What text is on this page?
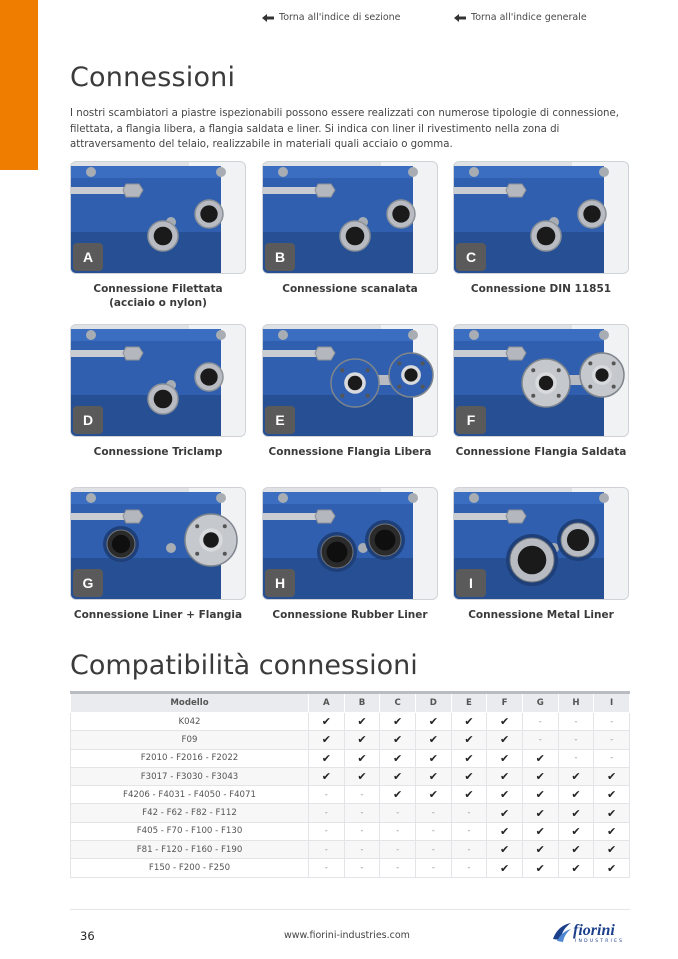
Torna all'indice di sezione	Torna all'indice generale
Connessioni

I nostri scambiatori a piastre ispezionabili possono essere realizzati con numerose tipologie di connessione, filettata, a flangia libera, a flangia saldata e liner. Si indica con liner il rivestimento nella zona di attraversamento del telaio, realizzabile in materiali quali acciaio o gomma.

A
Connessione Filettata
(acciaio o nylon)
B
Connessione scanalata
C
Connessione DIN 11851
D
Connessione Triclamp
E
Connessione Flangia Libera
F
Connessione Flangia Saldata
G
Connessione Liner + Flangia
H
Connessione Rubber Liner
I
Connessione Metal Liner
Compatibilità connessioni
Modello	A	B	C	D	E	F	G	H	I
K042	✔	✔	✔	✔	✔	✔	-	-	-
F09	✔	✔	✔	✔	✔	✔	-	-	-
F2010 - F2016 - F2022	✔	✔	✔	✔	✔	✔	✔	-	-
F3017 - F3030 - F3043	✔	✔	✔	✔	✔	✔	✔	✔	✔
F4206 - F4031 - F4050 - F4071	-	-	✔	✔	✔	✔	✔	✔	✔
F42 - F62 - F82 - F112	-	-	-	-	-	✔	✔	✔	✔
F405 - F70 - F100 - F130	-	-	-	-	-	✔	✔	✔	✔
F81 - F120 - F160 - F190	-	-	-	-	-	✔	✔	✔	✔
F150 - F200 - F250	-	-	-	-	-	✔	✔	✔	✔
36	www.fiorini-industries.com	fiorini
INDUSTRIES
